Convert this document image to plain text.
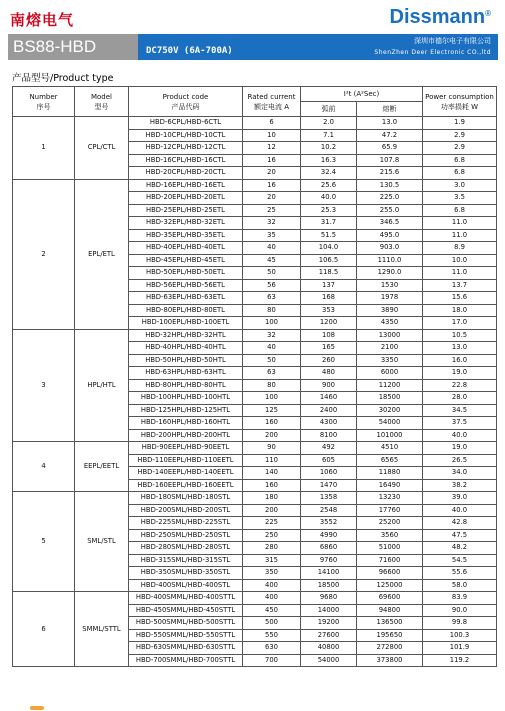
南熔电气	Dissmann®
BS88-HBD	DC750V (6A-700A)
深圳市德尔电子有限公司
ShenZhen Deer Electronic CO.,ltd
产品型号/Product type
Number
序号	Model
型号	Product code
产品代码	Rated current
额定电流 A	I²t (A²Sec)		Power consumption
功率损耗 W
				弧前	熔断	
1	CPL/CTL	HBD-6CPL/HBD-6CTL	6	2.0	13.0	1.9
		HBD-10CPL/HBD-10CTL	10	7.1	47.2	2.9
		HBD-12CPL/HBD-12CTL	12	10.2	65.9	2.9
		HBD-16CPL/HBD-16CTL	16	16.3	107.8	6.8
		HBD-20CPL/HBD-20CTL	20	32.4	215.6	6.8
2	EPL/ETL	HBD-16EPL/HBD-16ETL	16	25.6	130.5	3.0
		HBD-20EPL/HBD-20ETL	20	40.0	225.0	3.5
		HBD-25EPL/HBD-25ETL	25	25.3	255.0	6.8
		HBD-32EPL/HBD-32ETL	32	31.7	346.5	11.0
		HBD-35EPL/HBD-35ETL	35	51.5	495.0	11.0
		HBD-40EPL/HBD-40ETL	40	104.0	903.0	8.9
		HBD-45EPL/HBD-45ETL	45	106.5	1110.0	10.0
		HBD-50EPL/HBD-50ETL	50	118.5	1290.0	11.0
		HBD-56EPL/HBD-56ETL	56	137	1530	13.7
		HBD-63EPL/HBD-63ETL	63	168	1978	15.6
		HBD-80EPL/HBD-80ETL	80	353	3890	18.0
		HBD-100EPL/HBD-100ETL	100	1200	4350	17.0
3	HPL/HTL	HBD-32HPL/HBD-32HTL	32	108	13000	10.5
		HBD-40HPL/HBD-40HTL	40	165	2100	13.0
		HBD-50HPL/HBD-50HTL	50	260	3350	16.0
		HBD-63HPL/HBD-63HTL	63	480	6000	19.0
		HBD-80HPL/HBD-80HTL	80	900	11200	22.8
		HBD-100HPL/HBD-100HTL	100	1460	18500	28.0
		HBD-125HPL/HBD-125HTL	125	2400	30200	34.5
		HBD-160HPL/HBD-160HTL	160	4300	54000	37.5
		HBD-200HPL/HBD-200HTL	200	8100	101000	40.0
4	EEPL/EETL	HBD-90EEPL/HBD-90EETL	90	492	4510	19.0
		HBD-110EEPL/HBD-110EETL	110	605	6565	26.5
		HBD-140EEPL/HBD-140EETL	140	1060	11880	34.0
		HBD-160EEPL/HBD-160EETL	160	1470	16490	38.2
5	SML/STL	HBD-180SML/HBD-180STL	180	1358	13230	39.0
		HBD-200SML/HBD-200STL	200	2548	17760	40.0
		HBD-225SML/HBD-225STL	225	3552	25200	42.8
		HBD-250SML/HBD-250STL	250	4990	3560	47.5
		HBD-280SML/HBD-280STL	280	6860	51000	48.2
		HBD-315SML/HBD-315STL	315	9760	71600	54.5
		HBD-350SML/HBD-350STL	350	14100	96600	55.6
		HBD-400SML/HBD-400STL	400	18500	125000	58.0
6	SMML/STTL	HBD-400SMML/HBD-400STTL	400	9680	69600	83.9
		HBD-450SMML/HBD-450STTL	450	14000	94800	90.0
		HBD-500SMML/HBD-500STTL	500	19200	136500	99.8
		HBD-550SMML/HBD-550STTL	550	27600	195650	100.3
		HBD-630SMML/HBD-630STTL	630	40800	272800	101.9
		HBD-700SMML/HBD-700STTL	700	54000	373800	119.2
